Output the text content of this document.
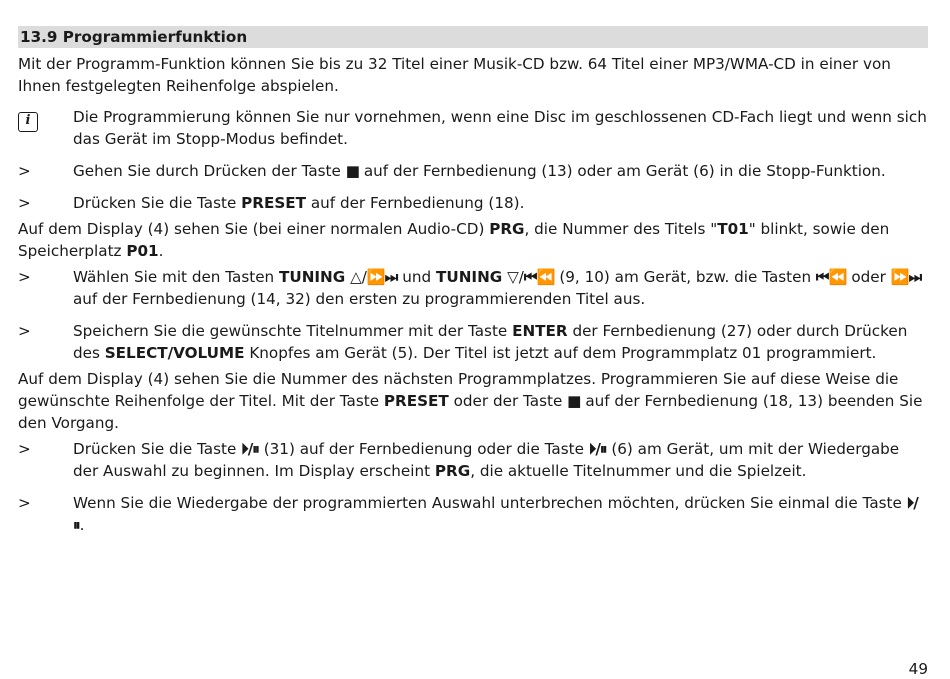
13.9 Programmierfunktion

Mit der Programm-Funktion können Sie bis zu 32 Titel einer Musik-CD bzw. 64 Titel einer MP3/WMA-CD in einer von Ihnen festgelegten Reihenfolge abspielen.

i	Die Programmierung können Sie nur vornehmen, wenn eine Disc im geschlossenen CD-Fach liegt und wenn sich das Gerät im Stopp-Modus befindet.
>	Gehen Sie durch Drücken der Taste ■ auf der Fernbedienung (13) oder am Gerät (6) in die Stopp-Funktion.
>	Drücken Sie die Taste PRESET auf der Fernbedienung (18).

Auf dem Display (4) sehen Sie (bei einer normalen Audio-CD) PRG, die Nummer des Titels "T01" blinkt, sowie den Speicherplatz P01.

>	Wählen Sie mit den Tasten TUNING △/⏩⏭ und TUNING ▽/⏮⏪ (9, 10) am Gerät, bzw. die Tasten ⏮⏪ oder ⏩⏭ auf der Fernbedienung (14, 32) den ersten zu programmierenden Titel aus.
>	Speichern Sie die gewünschte Titelnummer mit der Taste ENTER der Fernbedienung (27) oder durch Drücken des SELECT/VOLUME Knopfes am Gerät (5). Der Titel ist jetzt auf dem Programmplatz 01 programmiert.

Auf dem Display (4) sehen Sie die Nummer des nächsten Programmplatzes. Programmieren Sie auf diese Weise die gewünschte Reihenfolge der Titel. Mit der Taste PRESET oder der Taste ■ auf der Fernbedienung (18, 13) beenden Sie den Vorgang.

>	Drücken Sie die Taste ⏵/⏸ (31) auf der Fernbedienung oder die Taste ⏵/⏸ (6) am Gerät, um mit der Wiedergabe der Auswahl zu beginnen. Im Display erscheint PRG, die aktuelle Titelnummer und die Spielzeit.
>	Wenn Sie die Wiedergabe der programmierten Auswahl unterbrechen möchten, drücken Sie einmal die Taste ⏵/⏸.
49
